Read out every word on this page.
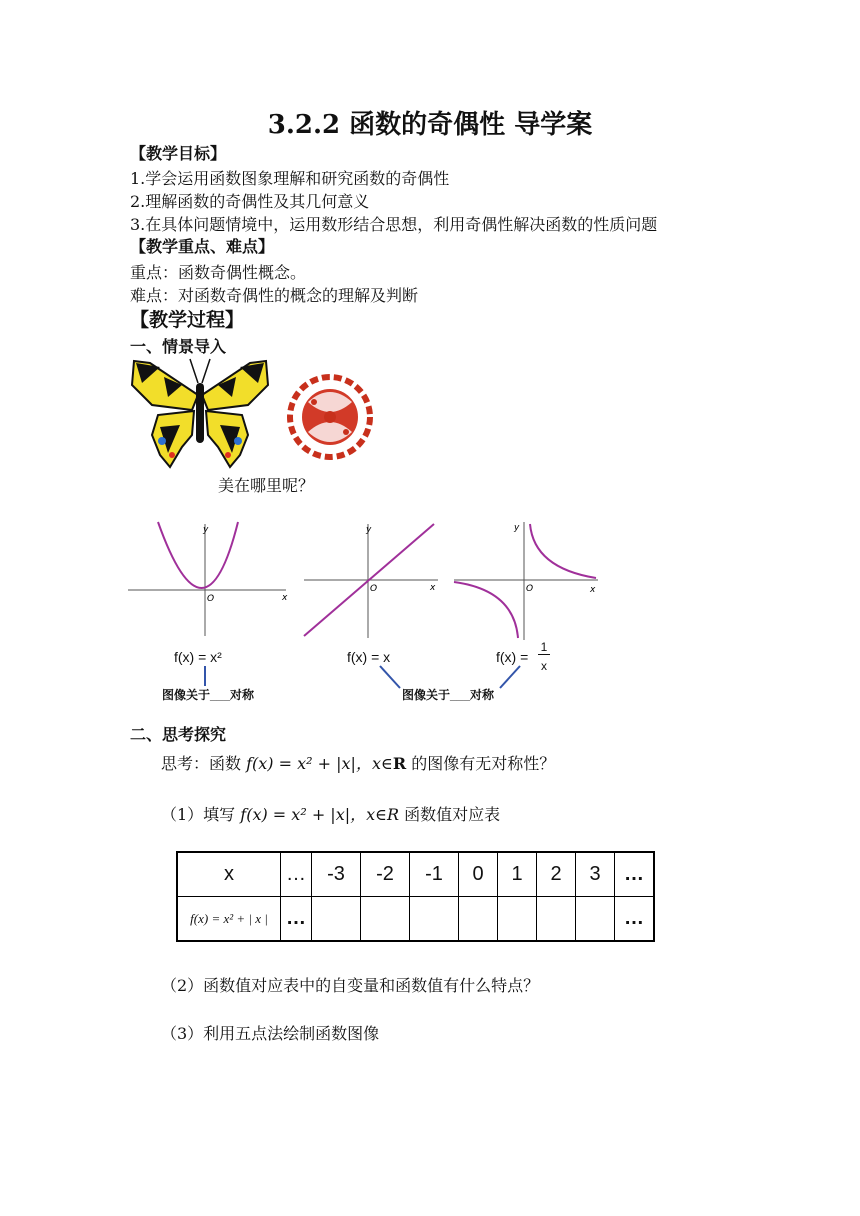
3.2.2 函数的奇偶性 导学案
【教学目标】
1.学会运用函数图象理解和研究函数的奇偶性
2.理解函数的奇偶性及其几何意义
3.在具体问题情境中，运用数形结合思想，利用奇偶性解决函数的性质问题
【教学重点、难点】
重点：函数奇偶性概念。
难点：对函数奇偶性的概念的理解及判断
【教学过程】
一、情景导入
美在哪里呢？
y
x
O
f(x) = x²
图像关于___对称
y
x
O
f(x) = x
y
x
O
f(x) =
1
x
图像关于___对称
二、思考探究
思考：函数 f(x) = x² + |x|，x∈R 的图像有无对称性？
（1）填写 f(x) = x² + |x|，x∈R 函数值对应表
x	…	-3	-2	-1	0	1	2	3	…
f(x) = x² + | x |	…								…
（2）函数值对应表中的自变量和函数值有什么特点？
（3）利用五点法绘制函数图像
